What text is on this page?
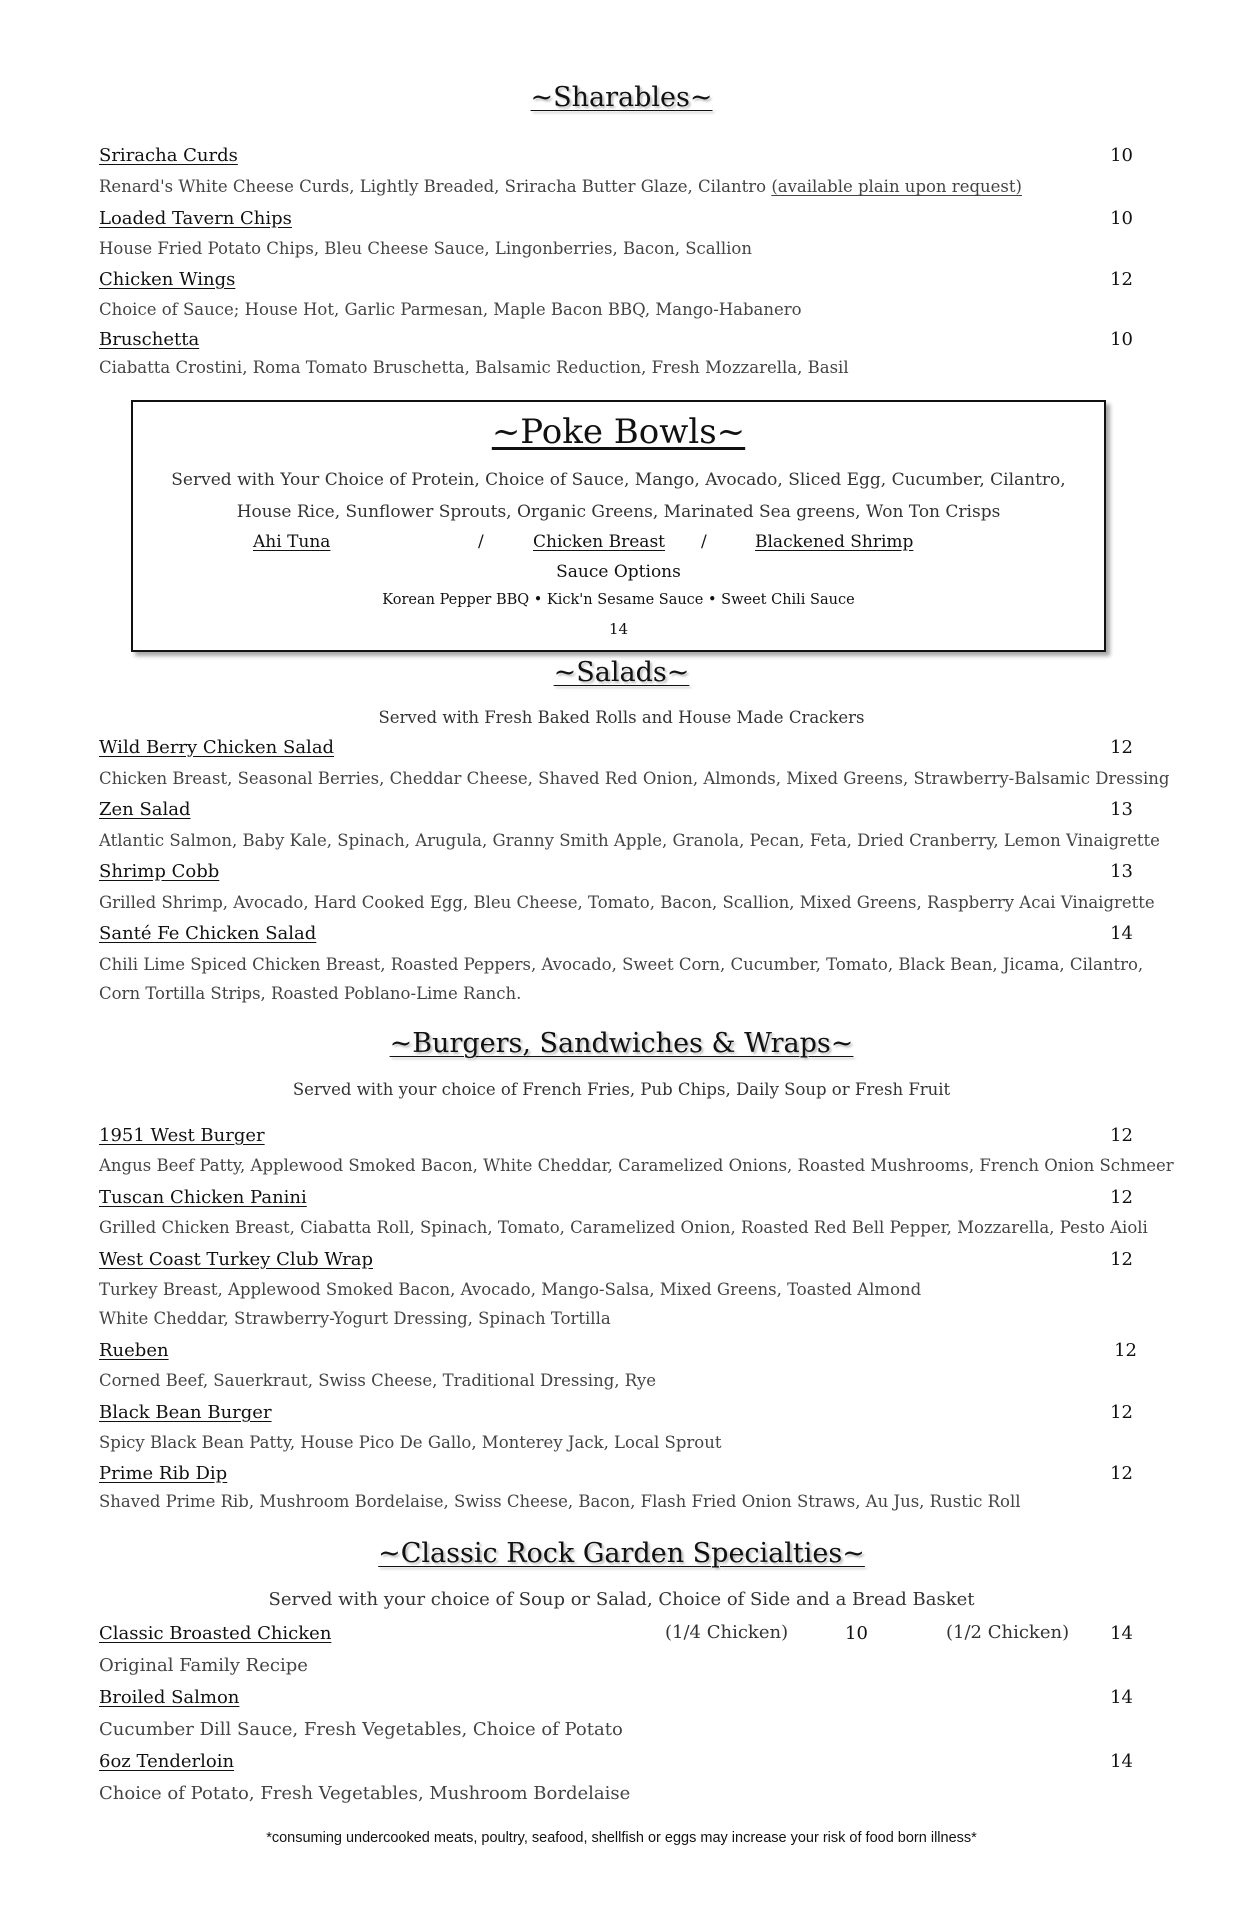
~Sharables~
Sriracha Curds	10
Renard's White Cheese Curds, Lightly Breaded, Sriracha Butter Glaze, Cilantro (available plain upon request)
Loaded Tavern Chips	10
House Fried Potato Chips, Bleu Cheese Sauce, Lingonberries, Bacon, Scallion
Chicken Wings	12
Choice of Sauce; House Hot, Garlic Parmesan, Maple Bacon BBQ, Mango-Habanero
Bruschetta	10
Ciabatta Crostini, Roma Tomato Bruschetta, Balsamic Reduction, Fresh Mozzarella, Basil
~Poke Bowls~
Served with Your Choice of Protein, Choice of Sauce, Mango, Avocado, Sliced Egg, Cucumber, Cilantro, House Rice, Sunflower Sprouts, Organic Greens, Marinated Sea greens, Won Ton Crisps
Ahi Tuna	/	Chicken Breast /	Blackened Shrimp
Sauce Options
Korean Pepper BBQ • Kick'n Sesame Sauce • Sweet Chili Sauce
14
~Salads~
Served with Fresh Baked Rolls and House Made Crackers
Wild Berry Chicken Salad	12
Chicken Breast, Seasonal Berries, Cheddar Cheese, Shaved Red Onion, Almonds, Mixed Greens, Strawberry-Balsamic Dressing
Zen Salad	13
Atlantic Salmon, Baby Kale, Spinach, Arugula, Granny Smith Apple, Granola, Pecan, Feta, Dried Cranberry, Lemon Vinaigrette
Shrimp Cobb	13
Grilled Shrimp, Avocado, Hard Cooked Egg, Bleu Cheese, Tomato, Bacon, Scallion, Mixed Greens, Raspberry Acai Vinaigrette
Santé Fe Chicken Salad	14
Chili Lime Spiced Chicken Breast, Roasted Peppers, Avocado, Sweet Corn, Cucumber, Tomato, Black Bean, Jicama, Cilantro,
Corn Tortilla Strips, Roasted Poblano-Lime Ranch.
~Burgers, Sandwiches & Wraps~
Served with your choice of French Fries, Pub Chips, Daily Soup or Fresh Fruit
1951 West Burger	12
Angus Beef Patty, Applewood Smoked Bacon, White Cheddar, Caramelized Onions, Roasted Mushrooms, French Onion Schmeer
Tuscan Chicken Panini	12
Grilled Chicken Breast, Ciabatta Roll, Spinach, Tomato, Caramelized Onion, Roasted Red Bell Pepper, Mozzarella, Pesto Aioli
West Coast Turkey Club Wrap	12
Turkey Breast, Applewood Smoked Bacon, Avocado, Mango-Salsa, Mixed Greens, Toasted Almond
White Cheddar, Strawberry-Yogurt Dressing, Spinach Tortilla
Rueben	12
Corned Beef, Sauerkraut, Swiss Cheese, Traditional Dressing, Rye
Black Bean Burger	12
Spicy Black Bean Patty, House Pico De Gallo, Monterey Jack, Local Sprout
Prime Rib Dip	12
Shaved Prime Rib, Mushroom Bordelaise, Swiss Cheese, Bacon, Flash Fried Onion Straws, Au Jus, Rustic Roll
~Classic Rock Garden Specialties~
Served with your choice of Soup or Salad, Choice of Side and a Bread Basket
Classic Broasted Chicken	(1/4 Chicken)	10	(1/2 Chicken) 14
Original Family Recipe
Broiled Salmon	14
Cucumber Dill Sauce, Fresh Vegetables, Choice of Potato
6oz Tenderloin	14
Choice of Potato, Fresh Vegetables, Mushroom Bordelaise
*consuming undercooked meats, poultry, seafood, shellfish or eggs may increase your risk of food born illness*
